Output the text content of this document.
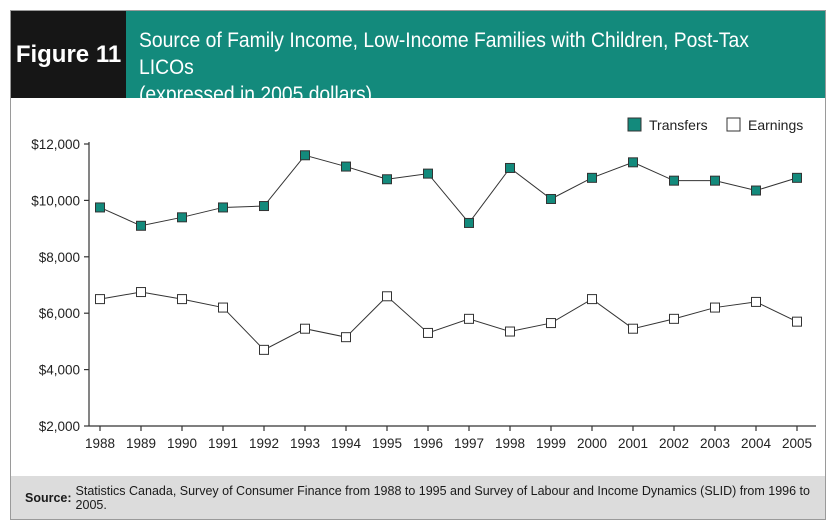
Figure 11 Source of Family Income, Low-Income Families with Children, Post-Tax LICOs
(expressed in 2005 dollars)
$2,000
$4,000
$6,000
$8,000
$10,000
$12,000
1988 1989 1990 1991 1992 1993 1994 1995 1996 1997 1998 1999 2000 2001 2002 2003 2004 2005
Transfers	Earnings
Source: Statistics Canada, Survey of Consumer Finance from 1988 to 1995 and Survey of Labour and Income Dynamics (SLID) from 1996 to 2005.
